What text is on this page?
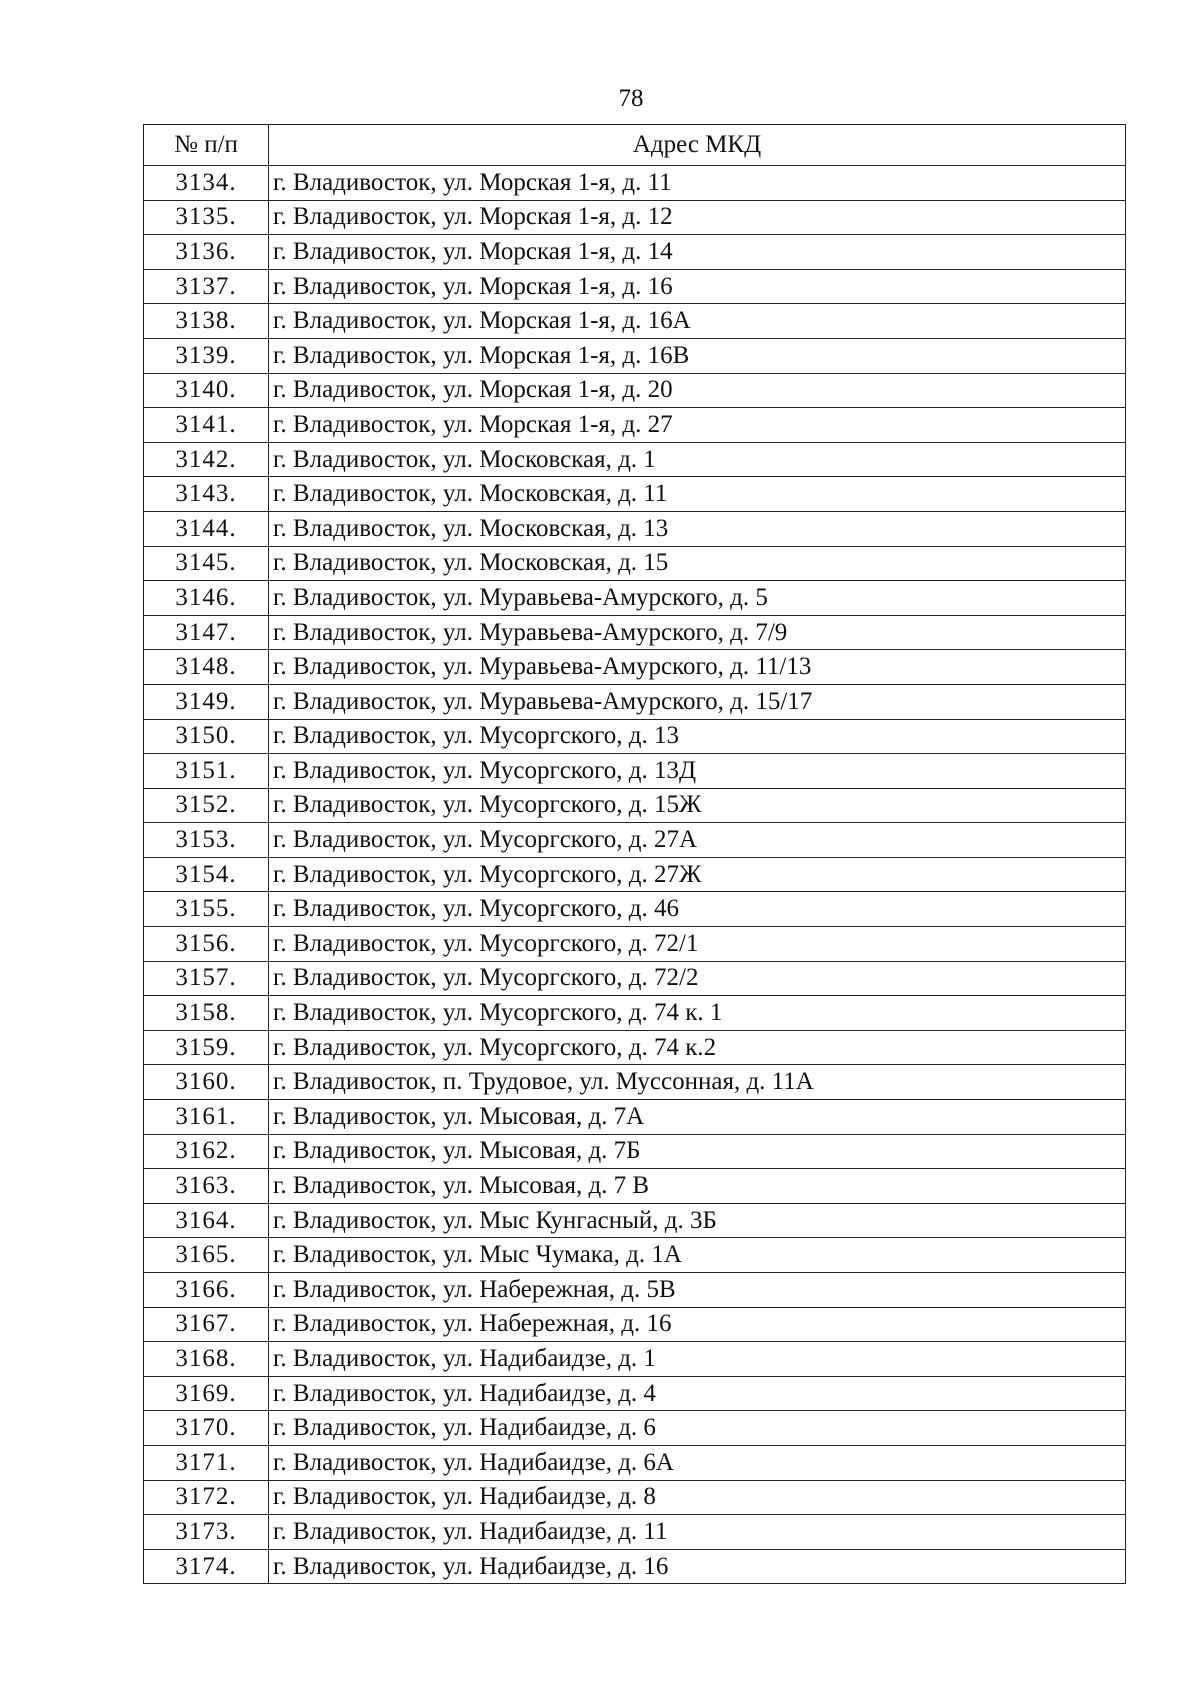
78
№ п/п	Адрес МКД
3134.	г. Владивосток, ул. Морская 1-я, д. 11
3135.	г. Владивосток, ул. Морская 1-я, д. 12
3136.	г. Владивосток, ул. Морская 1-я, д. 14
3137.	г. Владивосток, ул. Морская 1-я, д. 16
3138.	г. Владивосток, ул. Морская 1-я, д. 16А
3139.	г. Владивосток, ул. Морская 1-я, д. 16В
3140.	г. Владивосток, ул. Морская 1-я, д. 20
3141.	г. Владивосток, ул. Морская 1-я, д. 27
3142.	г. Владивосток, ул. Московская, д. 1
3143.	г. Владивосток, ул. Московская, д. 11
3144.	г. Владивосток, ул. Московская, д. 13
3145.	г. Владивосток, ул. Московская, д. 15
3146.	г. Владивосток, ул. Муравьева-Амурского, д. 5
3147.	г. Владивосток, ул. Муравьева-Амурского, д. 7/9
3148.	г. Владивосток, ул. Муравьева-Амурского, д. 11/13
3149.	г. Владивосток, ул. Муравьева-Амурского, д. 15/17
3150.	г. Владивосток, ул. Мусоргского, д. 13
3151.	г. Владивосток, ул. Мусоргского, д. 13Д
3152.	г. Владивосток, ул. Мусоргского, д. 15Ж
3153.	г. Владивосток, ул. Мусоргского, д. 27А
3154.	г. Владивосток, ул. Мусоргского, д. 27Ж
3155.	г. Владивосток, ул. Мусоргского, д. 46
3156.	г. Владивосток, ул. Мусоргского, д. 72/1
3157.	г. Владивосток, ул. Мусоргского, д. 72/2
3158.	г. Владивосток, ул. Мусоргского, д. 74 к. 1
3159.	г. Владивосток, ул. Мусоргского, д. 74 к.2
3160.	г. Владивосток, п. Трудовое, ул. Муссонная, д. 11А
3161.	г. Владивосток, ул. Мысовая, д. 7А
3162.	г. Владивосток, ул. Мысовая, д. 7Б
3163.	г. Владивосток, ул. Мысовая, д. 7 В
3164.	г. Владивосток, ул. Мыс Кунгасный, д. 3Б
3165.	г. Владивосток, ул. Мыс Чумака, д. 1А
3166.	г. Владивосток, ул. Набережная, д. 5В
3167.	г. Владивосток, ул. Набережная, д. 16
3168.	г. Владивосток, ул. Надибаидзе, д. 1
3169.	г. Владивосток, ул. Надибаидзе, д. 4
3170.	г. Владивосток, ул. Надибаидзе, д. 6
3171.	г. Владивосток, ул. Надибаидзе, д. 6А
3172.	г. Владивосток, ул. Надибаидзе, д. 8
3173.	г. Владивосток, ул. Надибаидзе, д. 11
3174.	г. Владивосток, ул. Надибаидзе, д. 16
